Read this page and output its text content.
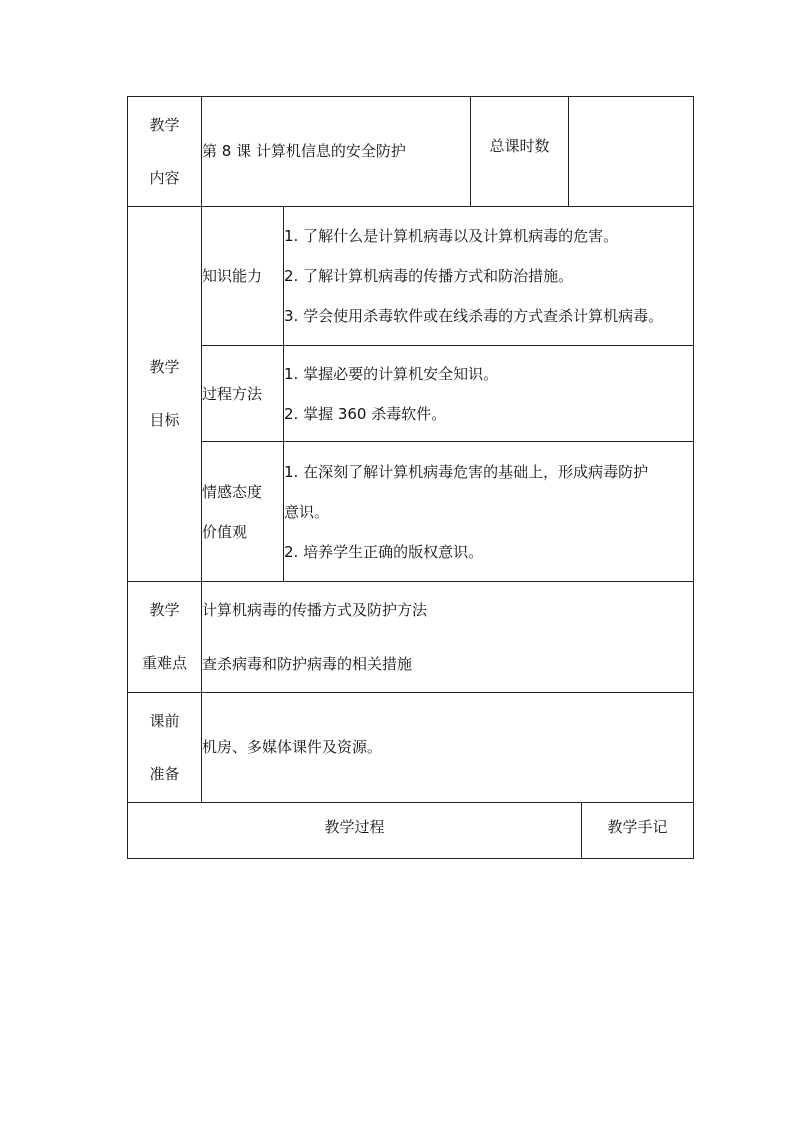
教学
内容	第 8 课 计算机信息的安全防护		总课时数		

教学
目标	知识能力	1. 了解什么是计算机病毒以及计算机病毒的危害。
2. 了解计算机病毒的传播方式和防治措施。
3. 学会使用杀毒软件或在线杀毒的方式查杀计算机病毒。			

	过程方法	1. 掌握必要的计算机安全知识。
2. 掌握 360 杀毒软件。			

	情感态度
价值观	1. 在深刻了解计算机病毒危害的基础上，形成病毒防护
意识。
2. 培养学生正确的版权意识。			

教学
重难点	计算机病毒的传播方式及防护方法
查杀病毒和防护病毒的相关措施				

课前
准备	机房、多媒体课件及资源。				
教学过程					教学手记
